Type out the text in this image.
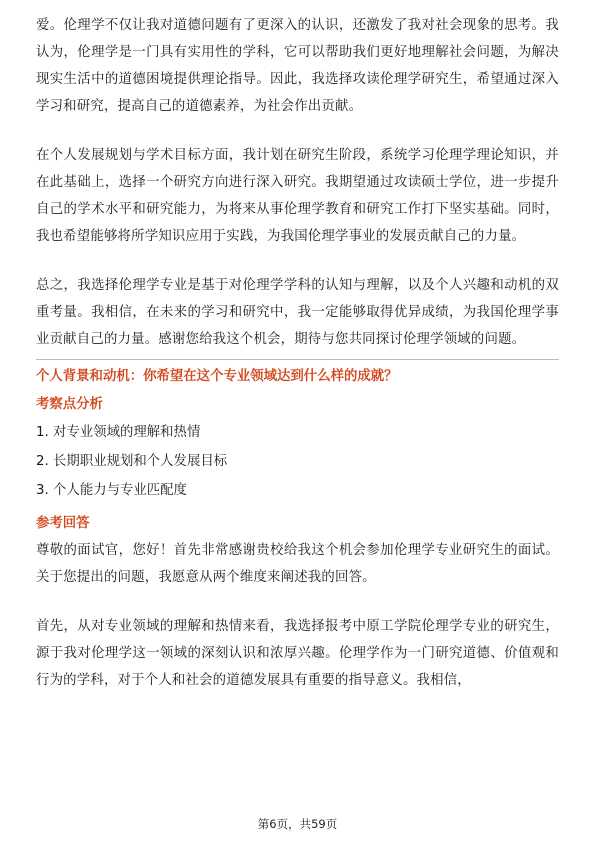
爱。伦理学不仅让我对道德问题有了更深入的认识，还激发了我对社会现象的思考。我认为，伦理学是一门具有实用性的学科，它可以帮助我们更好地理解社会问题，为解决现实生活中的道德困境提供理论指导。因此，我选择攻读伦理学研究生，希望通过深入学习和研究，提高自己的道德素养，为社会作出贡献。

在个人发展规划与学术目标方面，我计划在研究生阶段，系统学习伦理学理论知识，并在此基础上，选择一个研究方向进行深入研究。我期望通过攻读硕士学位，进一步提升自己的学术水平和研究能力，为将来从事伦理学教育和研究工作打下坚实基础。同时，我也希望能够将所学知识应用于实践，为我国伦理学事业的发展贡献自己的力量。

总之，我选择伦理学专业是基于对伦理学学科的认知与理解，以及个人兴趣和动机的双重考量。我相信，在未来的学习和研究中，我一定能够取得优异成绩，为我国伦理学事业贡献自己的力量。感谢您给我这个机会，期待与您共同探讨伦理学领域的问题。

个人背景和动机：你希望在这个专业领域达到什么样的成就？

考察点分析

1. 对专业领域的理解和热情
2. 长期职业规划和个人发展目标
3. 个人能力与专业匹配度

参考回答

尊敬的面试官，您好！首先非常感谢贵校给我这个机会参加伦理学专业研究生的面试。关于您提出的问题，我愿意从两个维度来阐述我的回答。

首先，从对专业领域的理解和热情来看，我选择报考中原工学院伦理学专业的研究生，源于我对伦理学这一领域的深刻认识和浓厚兴趣。伦理学作为一门研究道德、价值观和行为的学科，对于个人和社会的道德发展具有重要的指导意义。我相信，

第6页，共59页
